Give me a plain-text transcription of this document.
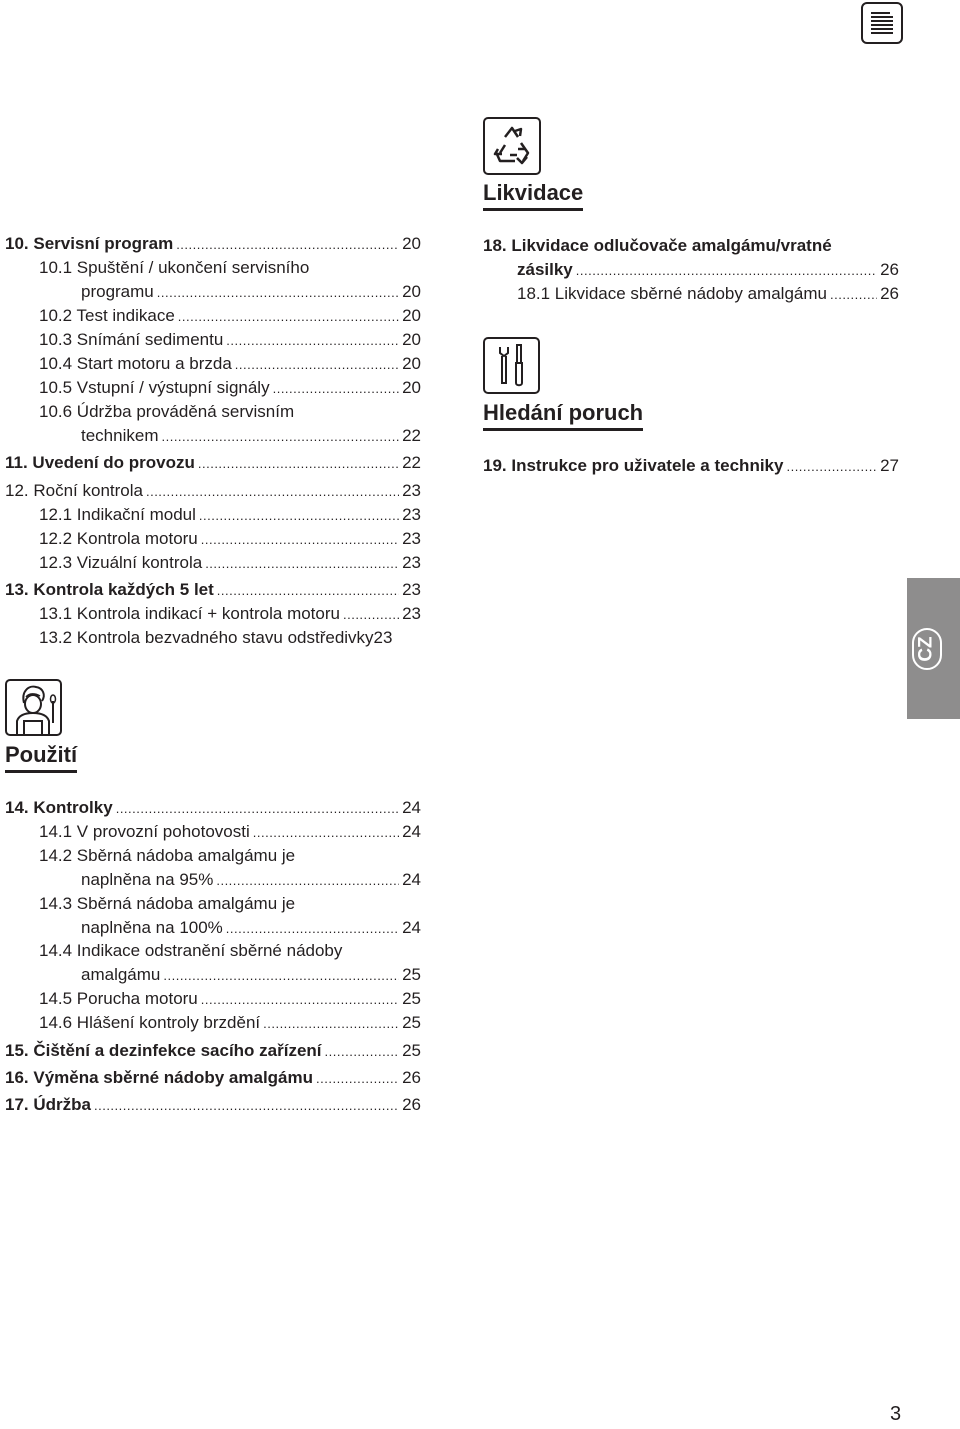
10. Servisní program .....	20
10.1 Spuštění / ukončení servisního
programu .....	20
10.2 Test indikace .....	20
10.3 Snímání sedimentu .....	20
10.4 Start motoru a brzda .....	20
10.5 Vstupní / výstupní signály .....	20
10.6 Údržba prováděná servisním
technikem .....	22
11. Uvedení do provozu .....	22
12. Roční kontrola .....	23
12.1 Indikační modul .....	23
12.2 Kontrola motoru .....	23
12.3 Vizuální kontrola .....	23
13. Kontrola každých 5 let .....	23
13.1 Kontrola indikací + kontrola motoru .....	23
13.2 Kontrola bezvadného stavu odstředivky23
Použití
14. Kontrolky .....	24
14.1 V provozní pohotovosti .....	24
14.2 Sběrná nádoba amalgámu je
naplněna na 95% .....	24
14.3 Sběrná nádoba amalgámu je
naplněna na 100% .....	24
14.4 Indikace odstranění sběrné nádoby
amalgámu .....	25
14.5 Porucha motoru .....	25
14.6 Hlášení kontroly brzdění .....	25
15. Čištění a dezinfekce sacího zařízení .....	25
16. Výměna sběrné nádoby amalgámu .....	26
17. Údržba .....	26
Likvidace
18. Likvidace odlučovače amalgámu/vratné
zásilky .....	26
18.1 Likvidace sběrné nádoby amalgámu .....	26
Hledání poruch
19. Instrukce pro uživatele a techniky .....	27
CZ
3
